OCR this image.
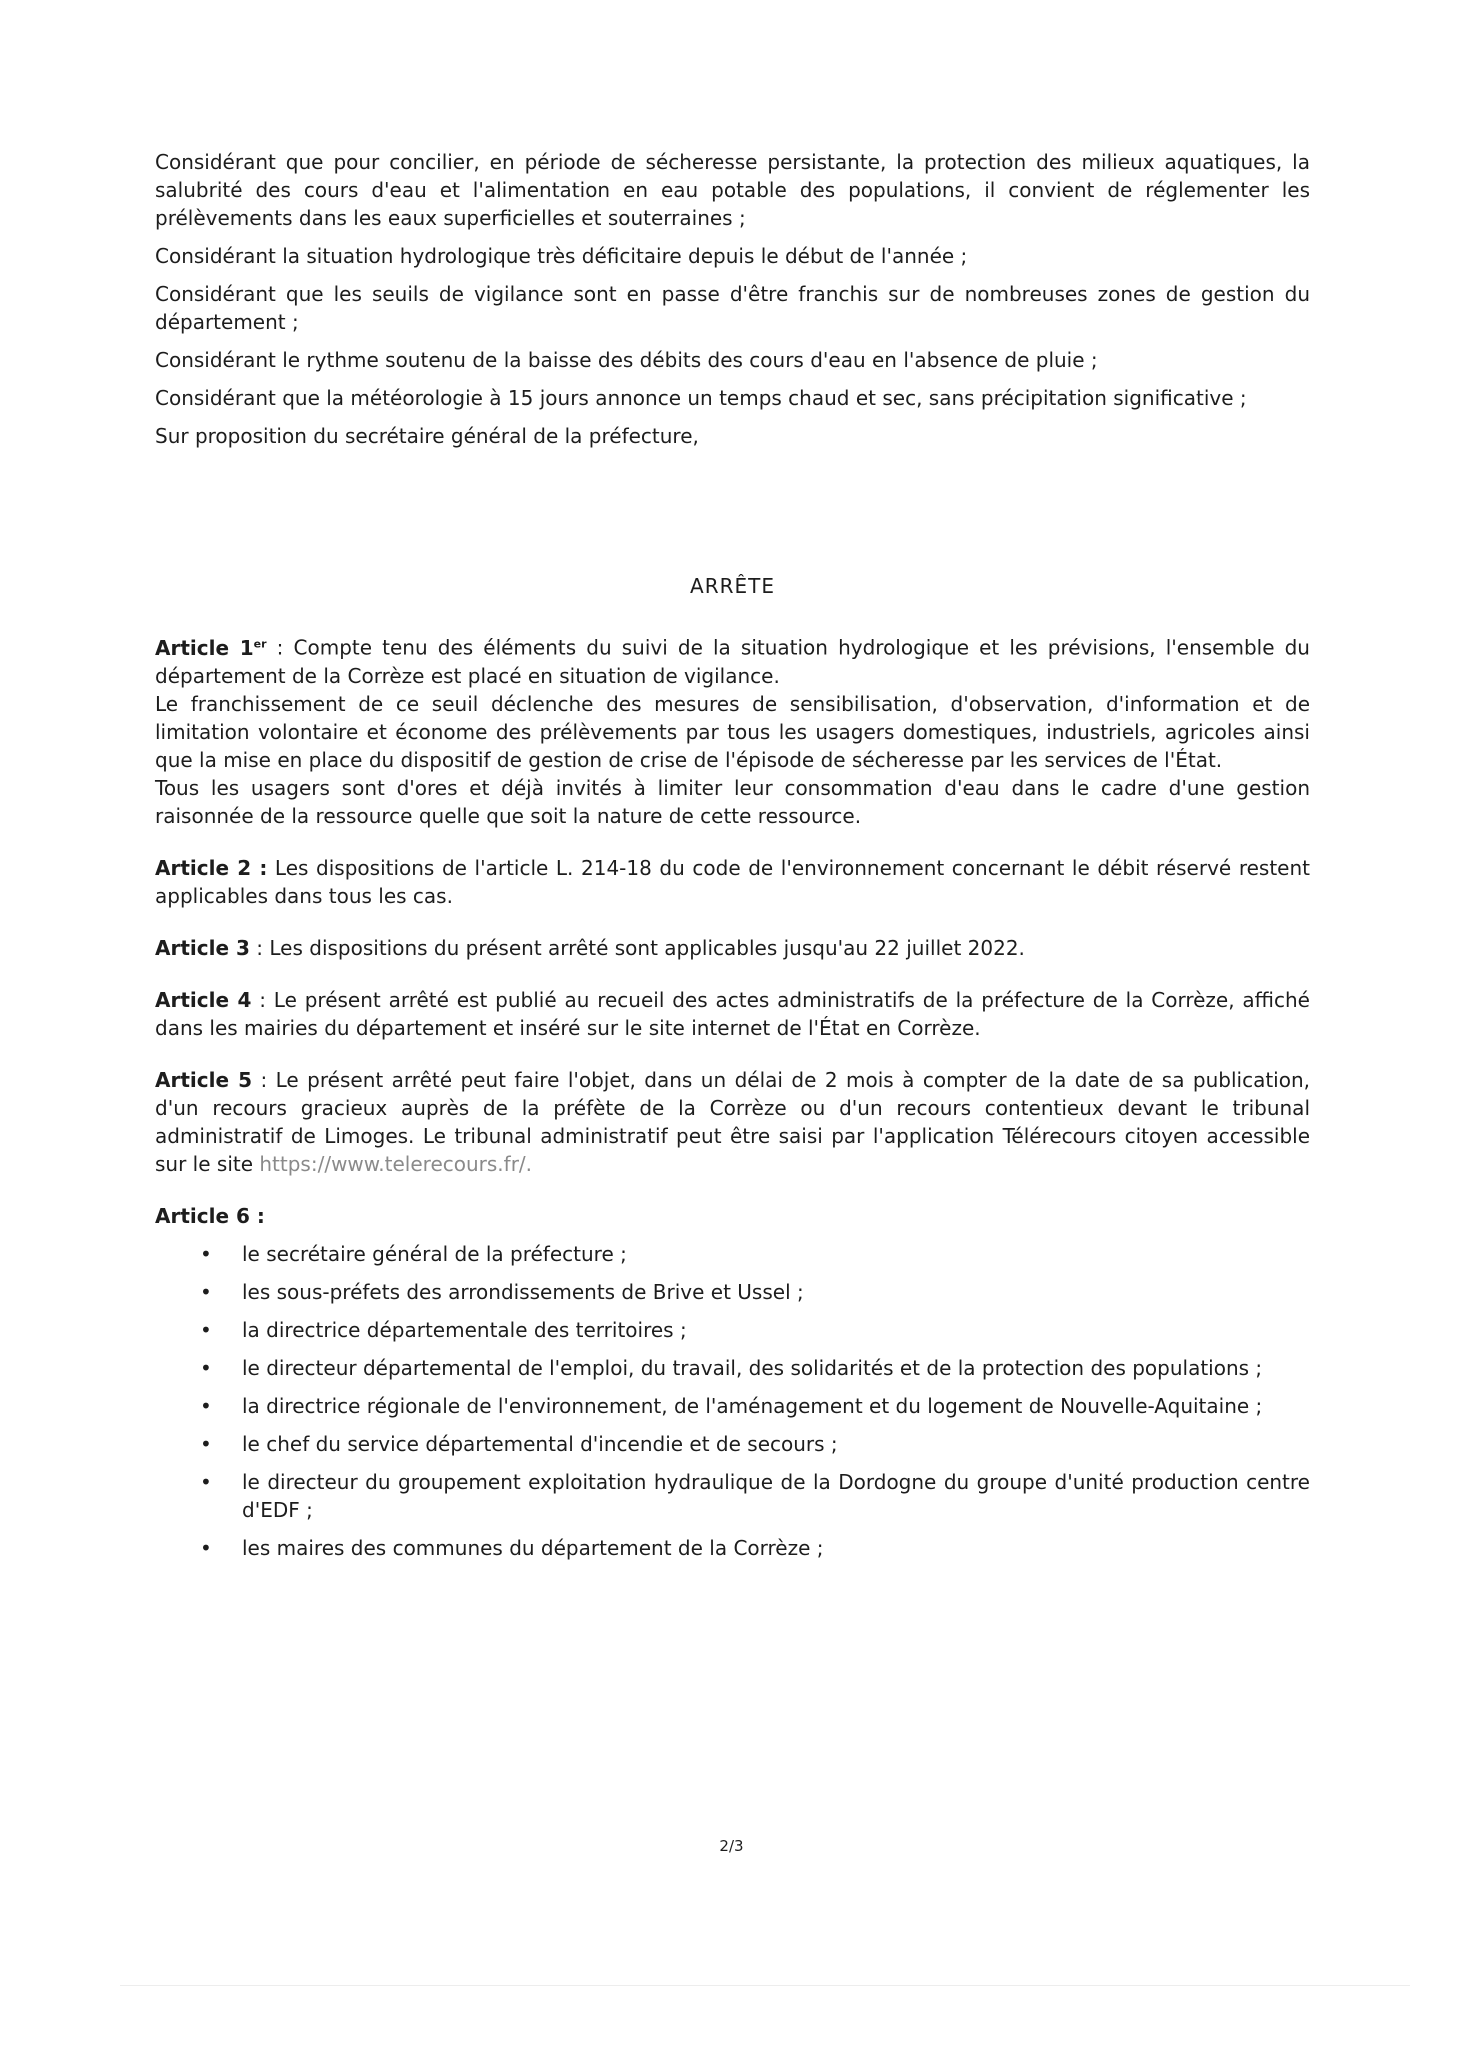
Considérant que pour concilier, en période de sécheresse persistante, la protection des milieux aquatiques, la salubrité des cours d'eau et l'alimentation en eau potable des populations, il convient de réglementer les prélèvements dans les eaux superficielles et souterraines ;

Considérant la situation hydrologique très déficitaire depuis le début de l'année ;

Considérant que les seuils de vigilance sont en passe d'être franchis sur de nombreuses zones de gestion du département ;

Considérant le rythme soutenu de la baisse des débits des cours d'eau en l'absence de pluie ;

Considérant que la météorologie à 15 jours annonce un temps chaud et sec, sans précipitation significative ;

Sur proposition du secrétaire général de la préfecture,

ARRÊTE

Article 1er : Compte tenu des éléments du suivi de la situation hydrologique et les prévisions, l'ensemble du département de la Corrèze est placé en situation de vigilance.

Le franchissement de ce seuil déclenche des mesures de sensibilisation, d'observation, d'information et de limitation volontaire et économe des prélèvements par tous les usagers domestiques, industriels, agricoles ainsi que la mise en place du dispositif de gestion de crise de l'épisode de sécheresse par les services de l'État.

Tous les usagers sont d'ores et déjà invités à limiter leur consommation d'eau dans le cadre d'une gestion raisonnée de la ressource quelle que soit la nature de cette ressource.

Article 2 : Les dispositions de l'article L. 214-18 du code de l'environnement concernant le débit réservé restent applicables dans tous les cas.

Article 3 : Les dispositions du présent arrêté sont applicables jusqu'au 22 juillet 2022.

Article 4 : Le présent arrêté est publié au recueil des actes administratifs de la préfecture de la Corrèze, affiché dans les mairies du département et inséré sur le site internet de l'État en Corrèze.

Article 5 : Le présent arrêté peut faire l'objet, dans un délai de 2 mois à compter de la date de sa publication, d'un recours gracieux auprès de la préfète de la Corrèze ou d'un recours contentieux devant le tribunal administratif de Limoges. Le tribunal administratif peut être saisi par l'application Télérecours citoyen accessible sur le site https://www.telerecours.fr/.

Article 6 :

• le secrétaire général de la préfecture ;
• les sous-préfets des arrondissements de Brive et Ussel ;
• la directrice départementale des territoires ;
• le directeur départemental de l'emploi, du travail, des solidarités et de la protection des populations ;
• la directrice régionale de l'environnement, de l'aménagement et du logement de Nouvelle-Aquitaine ;
• le chef du service départemental d'incendie et de secours ;
• le directeur du groupement exploitation hydraulique de la Dordogne du groupe d'unité production centre d'EDF ;
• les maires des communes du département de la Corrèze ;
2/3
